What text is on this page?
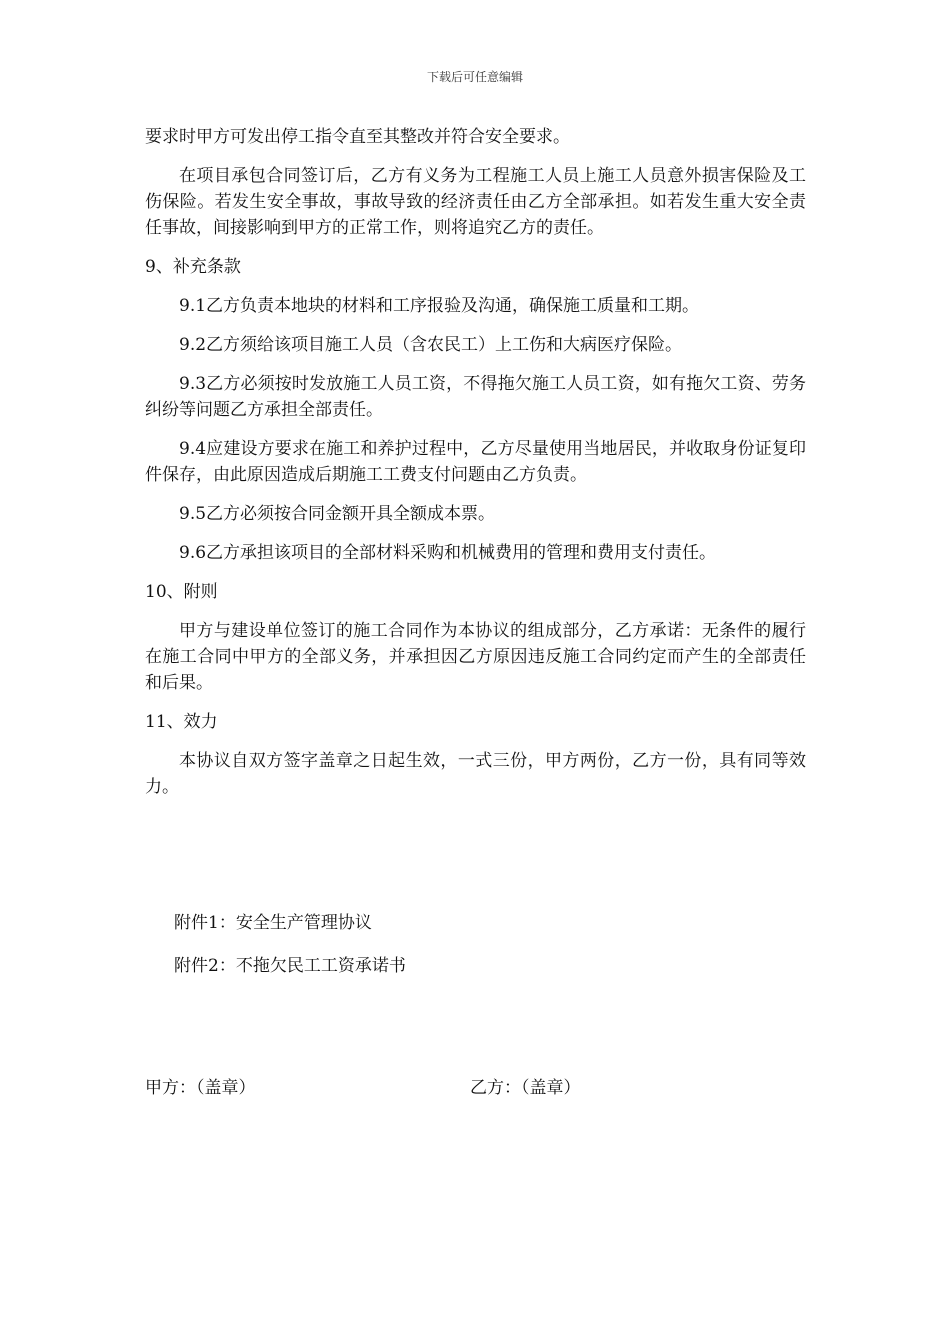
下载后可任意编辑

要求时甲方可发出停工指令直至其整改并符合安全要求。

在项目承包合同签订后，乙方有义务为工程施工人员上施工人员意外损害保险及工伤保险。若发生安全事故，事故导致的经济责任由乙方全部承担。如若发生重大安全责任事故，间接影响到甲方的正常工作，则将追究乙方的责任。

9、补充条款

9.1乙方负责本地块的材料和工序报验及沟通，确保施工质量和工期。

9.2乙方须给该项目施工人员（含农民工）上工伤和大病医疗保险。

9.3乙方必须按时发放施工人员工资，不得拖欠施工人员工资，如有拖欠工资、劳务纠纷等问题乙方承担全部责任。

9.4应建设方要求在施工和养护过程中，乙方尽量使用当地居民，并收取身份证复印件保存，由此原因造成后期施工工费支付问题由乙方负责。

9.5乙方必须按合同金额开具全额成本票。

9.6乙方承担该项目的全部材料采购和机械费用的管理和费用支付责任。

10、附则

甲方与建设单位签订的施工合同作为本协议的组成部分，乙方承诺：无条件的履行在施工合同中甲方的全部义务，并承担因乙方原因违反施工合同约定而产生的全部责任和后果。

11、效力

本协议自双方签字盖章之日起生效，一式三份，甲方两份，乙方一份，具有同等效力。

附件1：安全生产管理协议
附件2：不拖欠民工工资承诺书
甲方：（盖章）	乙方：（盖章）
